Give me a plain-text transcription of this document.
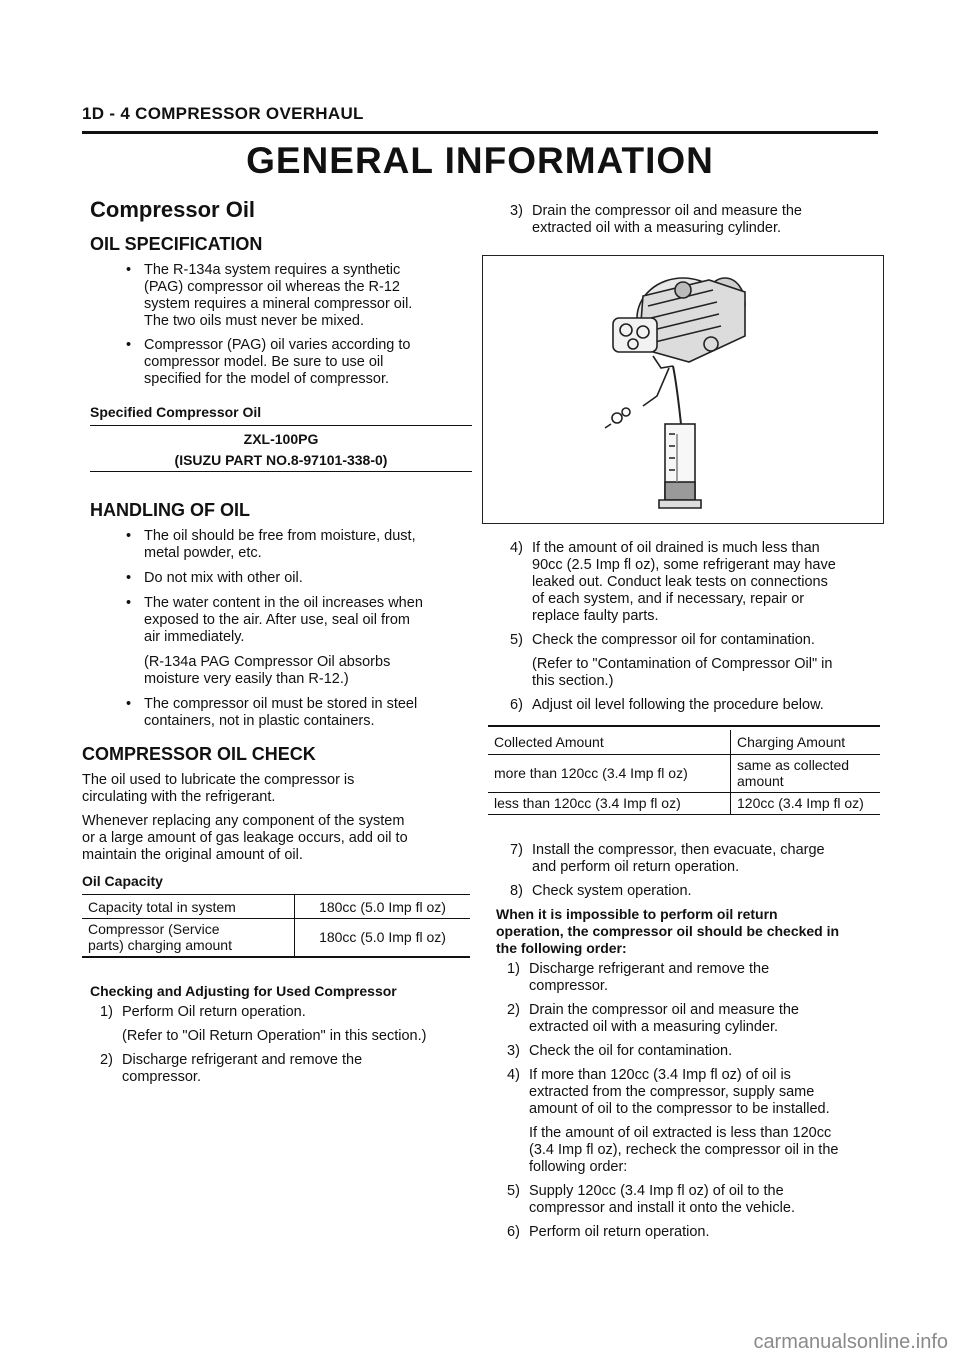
1D - 4 COMPRESSOR OVERHAUL
GENERAL INFORMATION
Compressor Oil
OIL SPECIFICATION
• The R-134a system requires a synthetic
(PAG) compressor oil whereas the R-12
system requires a mineral compressor oil.
The two oils must never be mixed.
• Compressor (PAG) oil varies according to
compressor model. Be sure to use oil
specified for the model of compressor.
Specified Compressor Oil
ZXL-100PG
(ISUZU PART NO.8-97101-338-0)
HANDLING OF OIL
• The oil should be free from moisture, dust,
metal powder, etc.
• Do not mix with other oil.
• The water content in the oil increases when
exposed to the air. After use, seal oil from
air immediately.
(R-134a PAG Compressor Oil absorbs
moisture very easily than R-12.)
• The compressor oil must be stored in steel
containers, not in plastic containers.
COMPRESSOR OIL CHECK
The oil used to lubricate the compressor is
circulating with the refrigerant.
Whenever replacing any component of the system
or a large amount of gas leakage occurs, add oil to
maintain the original amount of oil.
Oil Capacity
Capacity total in system	180cc (5.0 Imp fl oz)

Compressor (Service
parts) charging amount	180cc (5.0 Imp fl oz)
Checking and Adjusting for Used Compressor
1) Perform Oil return operation.
(Refer to "Oil Return Operation" in this section.)
2) Discharge refrigerant and remove the
compressor.
3) Drain the compressor oil and measure the
extracted oil with a measuring cylinder.
4) If the amount of oil drained is much less than
90cc (2.5 Imp fl oz), some refrigerant may have
leaked out. Conduct leak tests on connections
of each system, and if necessary, repair or
replace faulty parts.
5) Check the compressor oil for contamination.
(Refer to "Contamination of Compressor Oil" in
this section.)
6) Adjust oil level following the procedure below.
Collected Amount	Charging Amount
more than 120cc (3.4 Imp fl oz)	same as collected
amount

less than 120cc (3.4 Imp fl oz)	120cc (3.4 Imp fl oz)
7) Install the compressor, then evacuate, charge
and perform oil return operation.
8) Check system operation.
When it is impossible to perform oil return
operation, the compressor oil should be checked in
the following order:
1) Discharge refrigerant and remove the
compressor.
2) Drain the compressor oil and measure the
extracted oil with a measuring cylinder.
3) Check the oil for contamination.
4) If more than 120cc (3.4 Imp fl oz) of oil is
extracted from the compressor, supply same
amount of oil to the compressor to be installed.
If the amount of oil extracted is less than 120cc
(3.4 Imp fl oz), recheck the compressor oil in the
following order:
5) Supply 120cc (3.4 Imp fl oz) of oil to the
compressor and install it onto the vehicle.
6) Perform oil return operation.
carmanualsonline.info
